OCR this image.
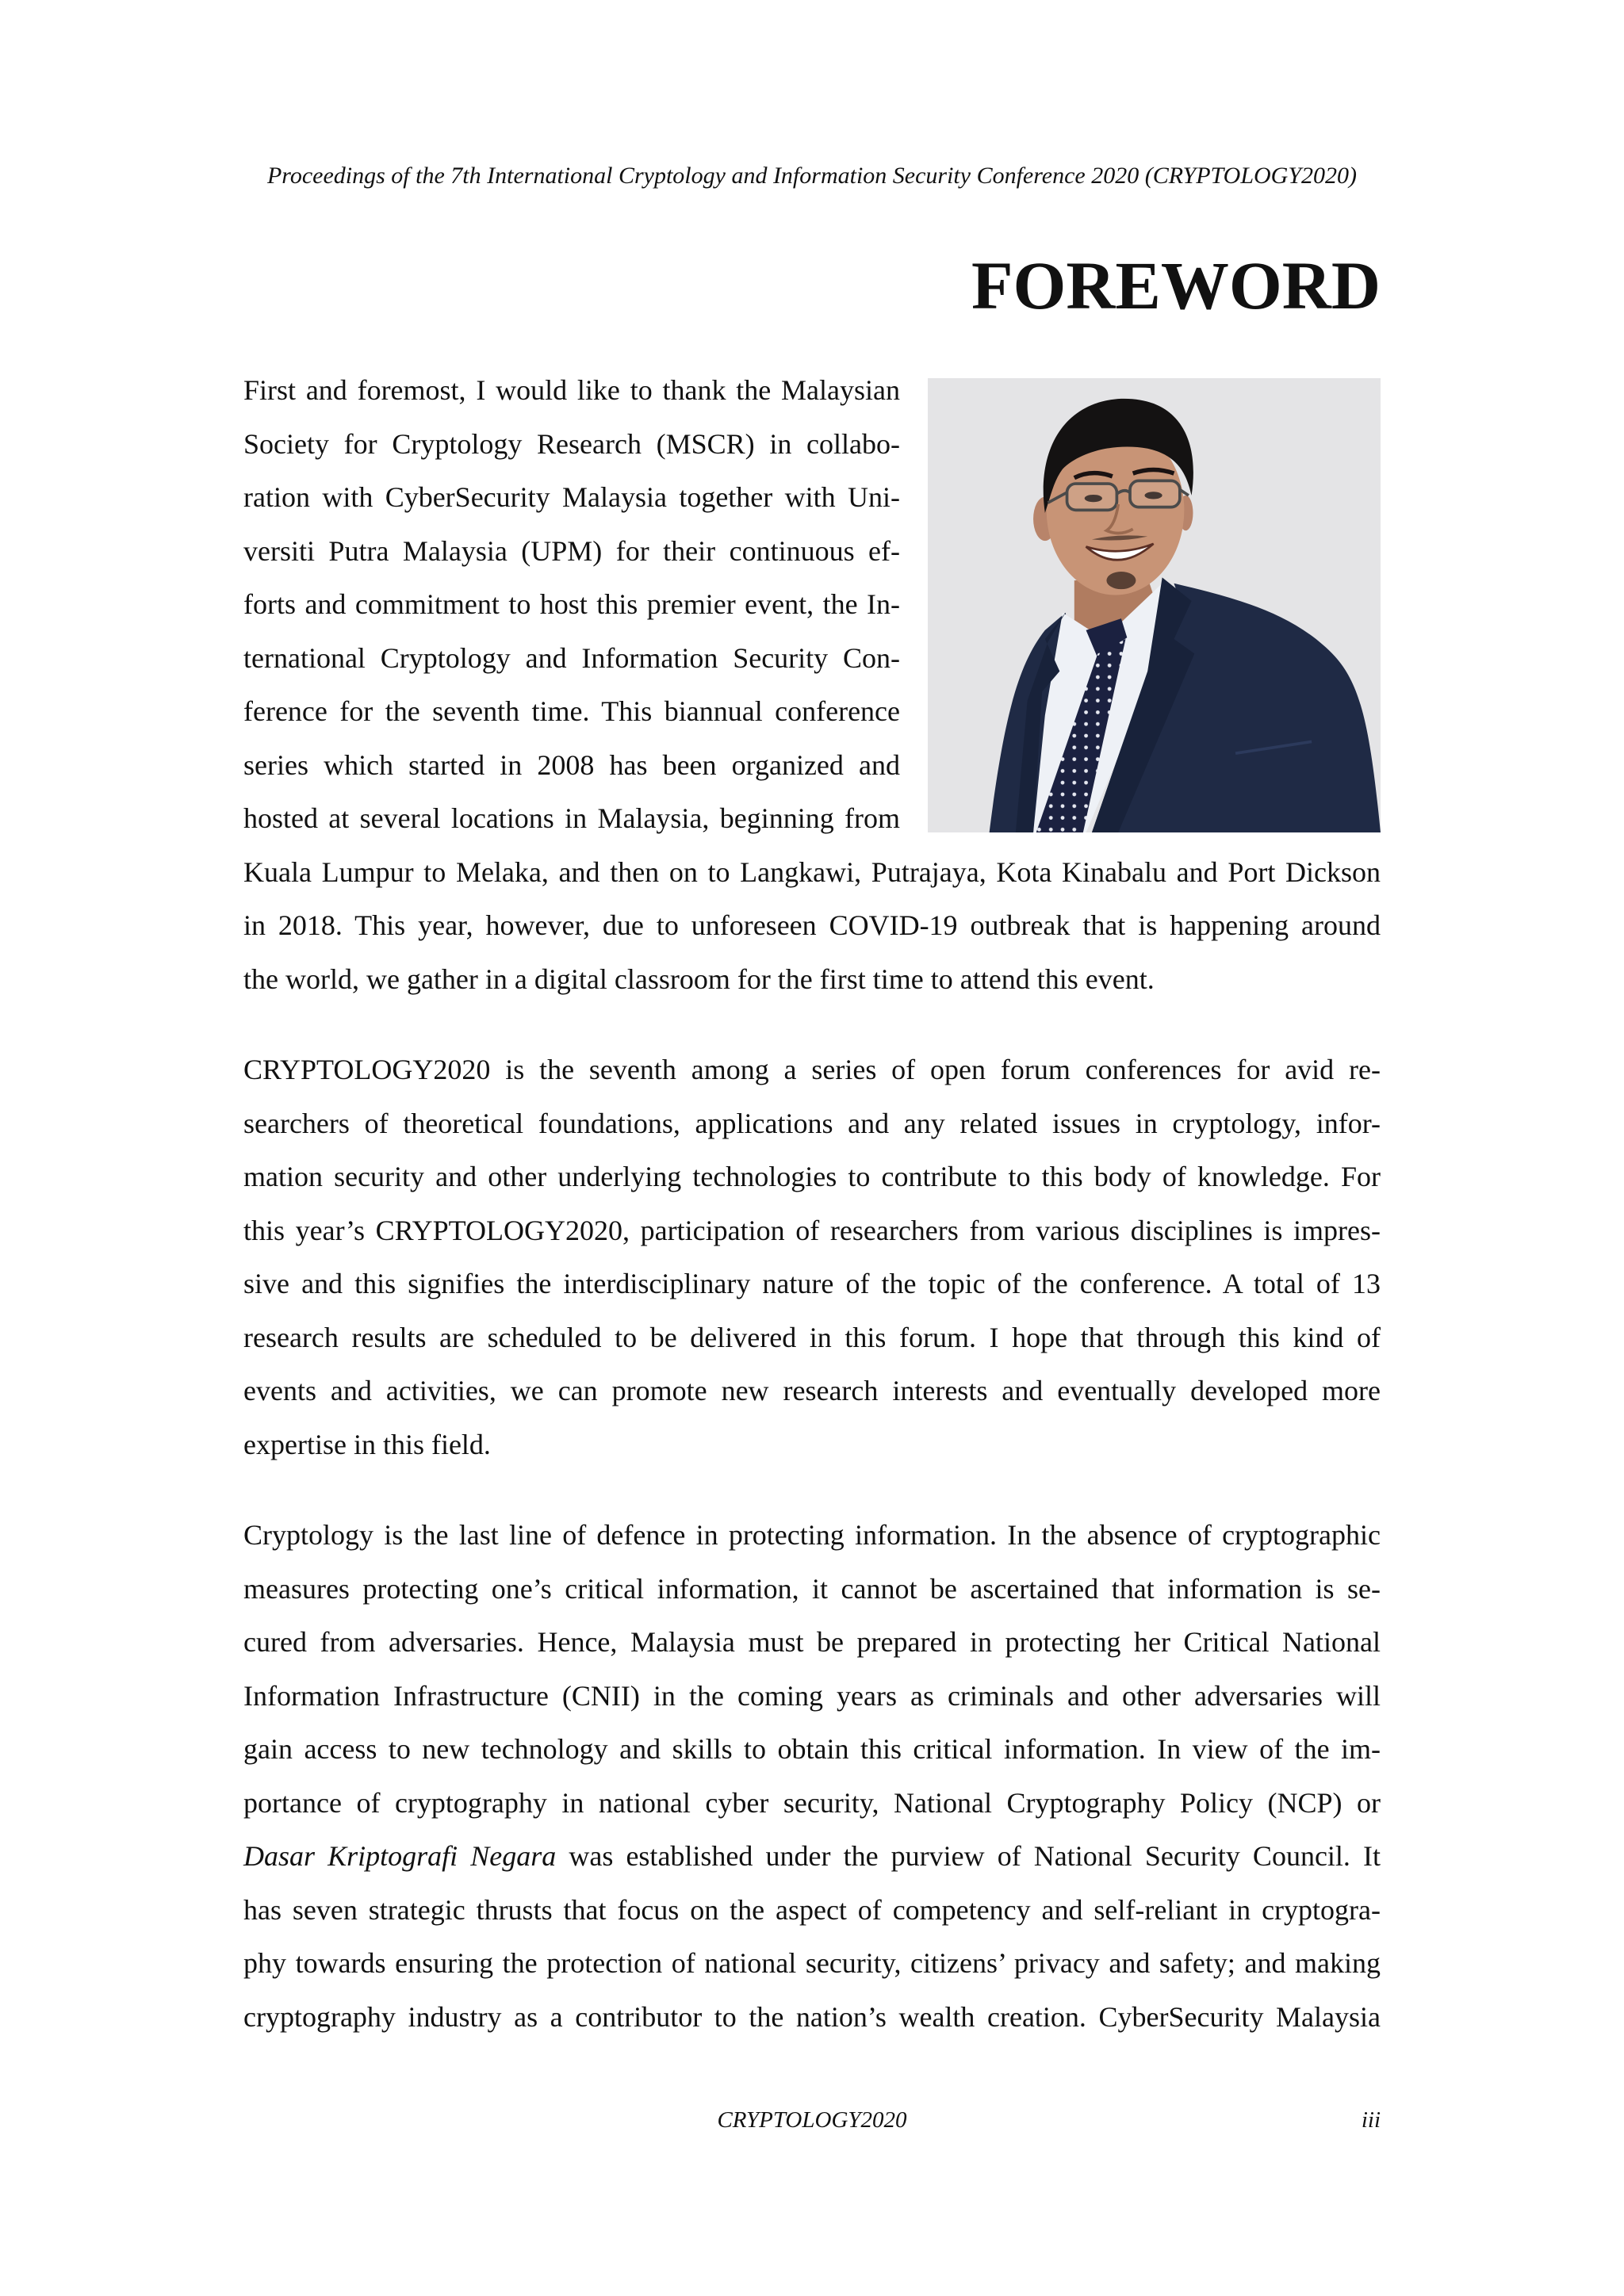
Proceedings of the 7th International Cryptology and Information Security Conference 2020 (CRYPTOLOGY2020)
FOREWORD
First and foremost, I would like to thank the Malaysian
Society for Cryptology Research (MSCR) in collabo-
ration with CyberSecurity Malaysia together with Uni-
versiti Putra Malaysia (UPM) for their continuous ef-
forts and commitment to host this premier event, the In-
ternational Cryptology and Information Security Con-
ference for the seventh time. This biannual conference
series which started in 2008 has been organized and
hosted at several locations in Malaysia, beginning from
Kuala Lumpur to Melaka, and then on to Langkawi, Putrajaya, Kota Kinabalu and Port Dickson
in 2018. This year, however, due to unforeseen COVID-19 outbreak that is happening around
the world, we gather in a digital classroom for the first time to attend this event.
CRYPTOLOGY2020 is the seventh among a series of open forum conferences for avid re-
searchers of theoretical foundations, applications and any related issues in cryptology, infor-
mation security and other underlying technologies to contribute to this body of knowledge. For
this year’s CRYPTOLOGY2020, participation of researchers from various disciplines is impres-
sive and this signifies the interdisciplinary nature of the topic of the conference. A total of 13
research results are scheduled to be delivered in this forum. I hope that through this kind of
events and activities, we can promote new research interests and eventually developed more
expertise in this field.
Cryptology is the last line of defence in protecting information. In the absence of cryptographic
measures protecting one’s critical information, it cannot be ascertained that information is se-
cured from adversaries. Hence, Malaysia must be prepared in protecting her Critical National
Information Infrastructure (CNII) in the coming years as criminals and other adversaries will
gain access to new technology and skills to obtain this critical information. In view of the im-
portance of cryptography in national cyber security, National Cryptography Policy (NCP) or
Dasar Kriptografi Negara was established under the purview of National Security Council. It
has seven strategic thrusts that focus on the aspect of competency and self-reliant in cryptogra-
phy towards ensuring the protection of national security, citizens’ privacy and safety; and making
cryptography industry as a contributor to the nation’s wealth creation. CyberSecurity Malaysia
CRYPTOLOGY2020	iii
